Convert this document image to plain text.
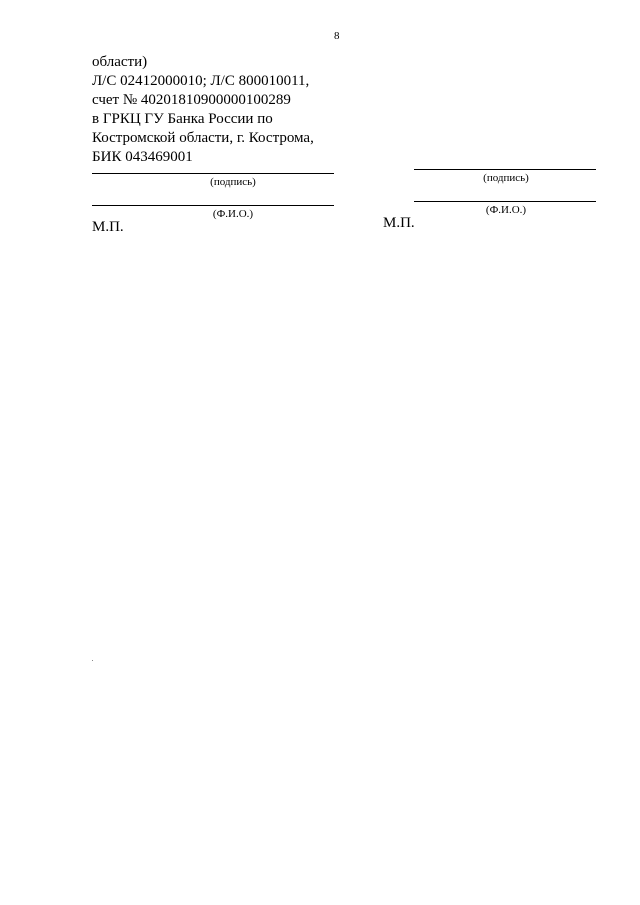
8
области)
Л/С 02412000010; Л/С 800010011,
счет № 40201810900000100289
в ГРКЦ ГУ Банка России по
Костромской области, г. Кострома,
БИК 043469001
(подпись)
(Ф.И.О.)
М.П.
(подпись)
(Ф.И.О.)
М.П.
